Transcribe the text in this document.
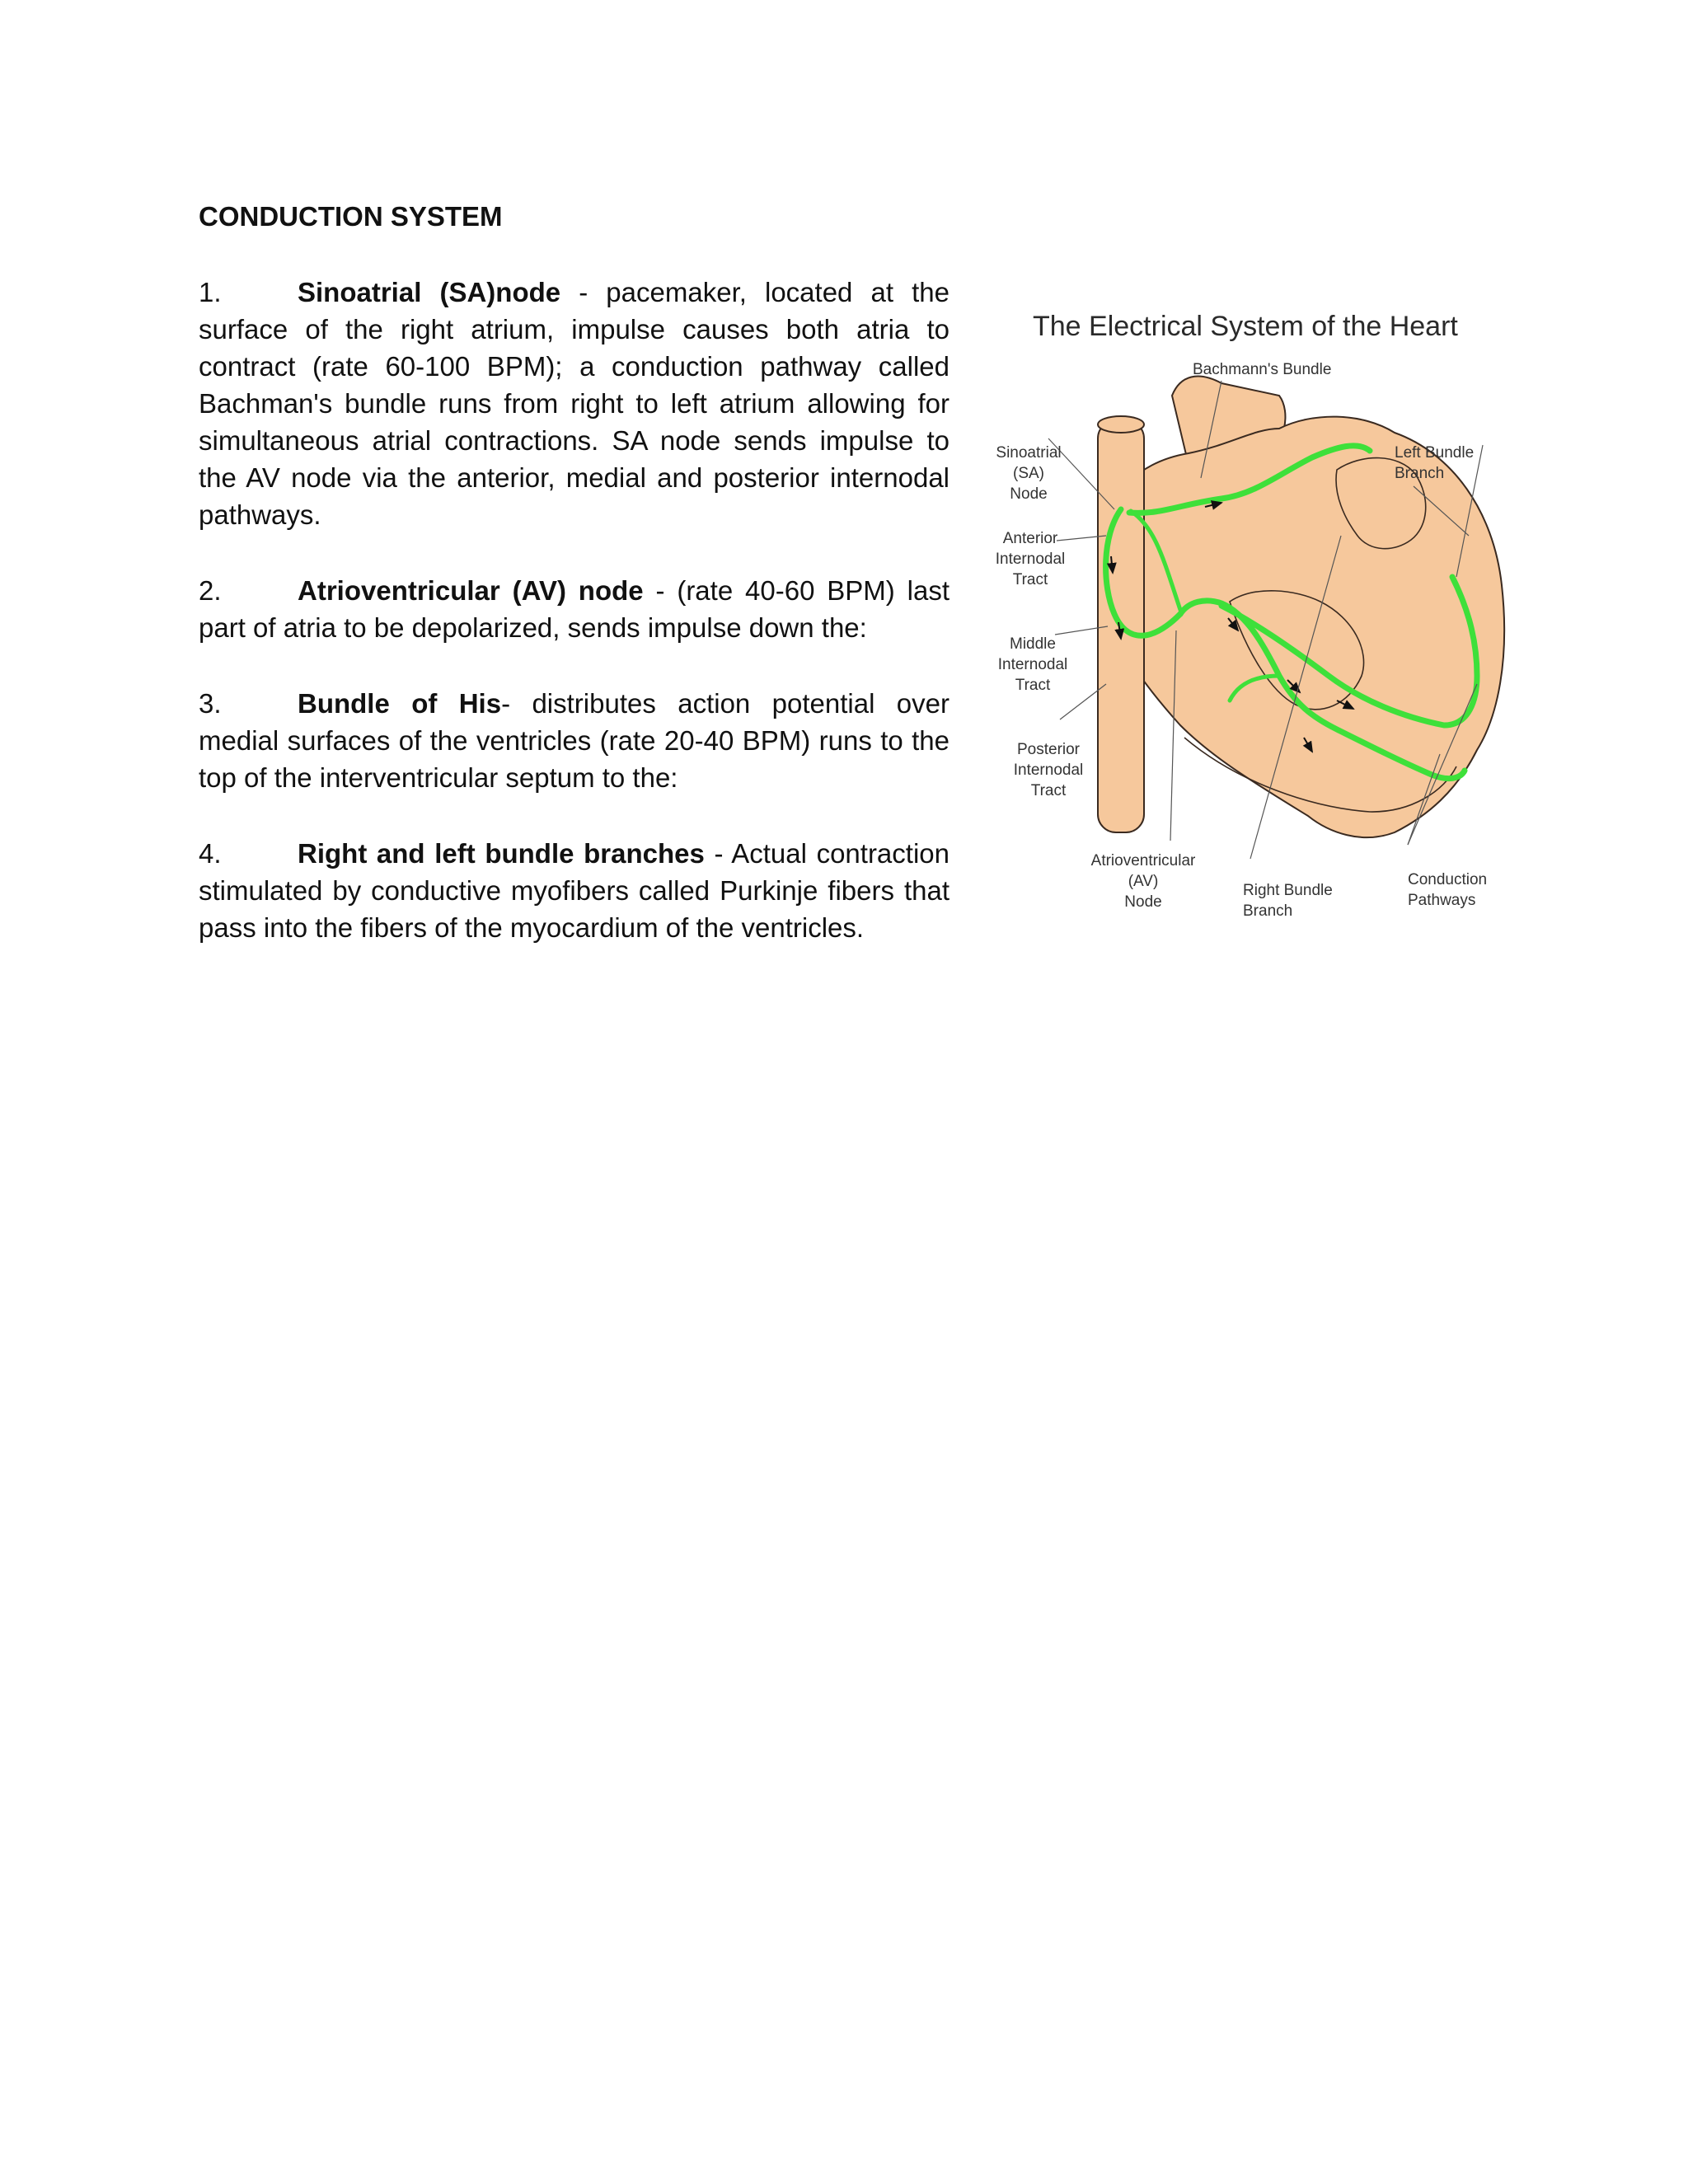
CONDUCTION SYSTEM

1.	Sinoatrial (SA)node - pacemaker, located at the surface of the right atrium, impulse causes both atria to contract (rate 60-100 BPM); a conduction pathway called Bachman's bundle runs from right to left atrium allowing for simultaneous atrial contractions. SA node sends impulse to the AV node via the anterior, medial and posterior internodal pathways.

2.	Atrioventricular (AV) node - (rate 40-60 BPM) last part of atria to be depolarized, sends impulse down the:

3.	Bundle of His- distributes action potential over medial surfaces of the ventricles (rate 20-40 BPM) runs to the top of the interventricular septum to the:

4.	Right and left bundle branches - Actual contraction stimulated by conductive myofibers called Purkinje fibers that pass into the fibers of the myocardium of the ventricles.

The Electrical System of the Heart
Bachmann's Bundle
Sinoatrial
(SA)
Node
Left Bundle
Branch
Anterior
Internodal
Tract
Middle
Internodal
Tract
Posterior
Internodal
Tract
Atrioventricular
(AV)
Node
Right Bundle
Branch
Conduction
Pathways
